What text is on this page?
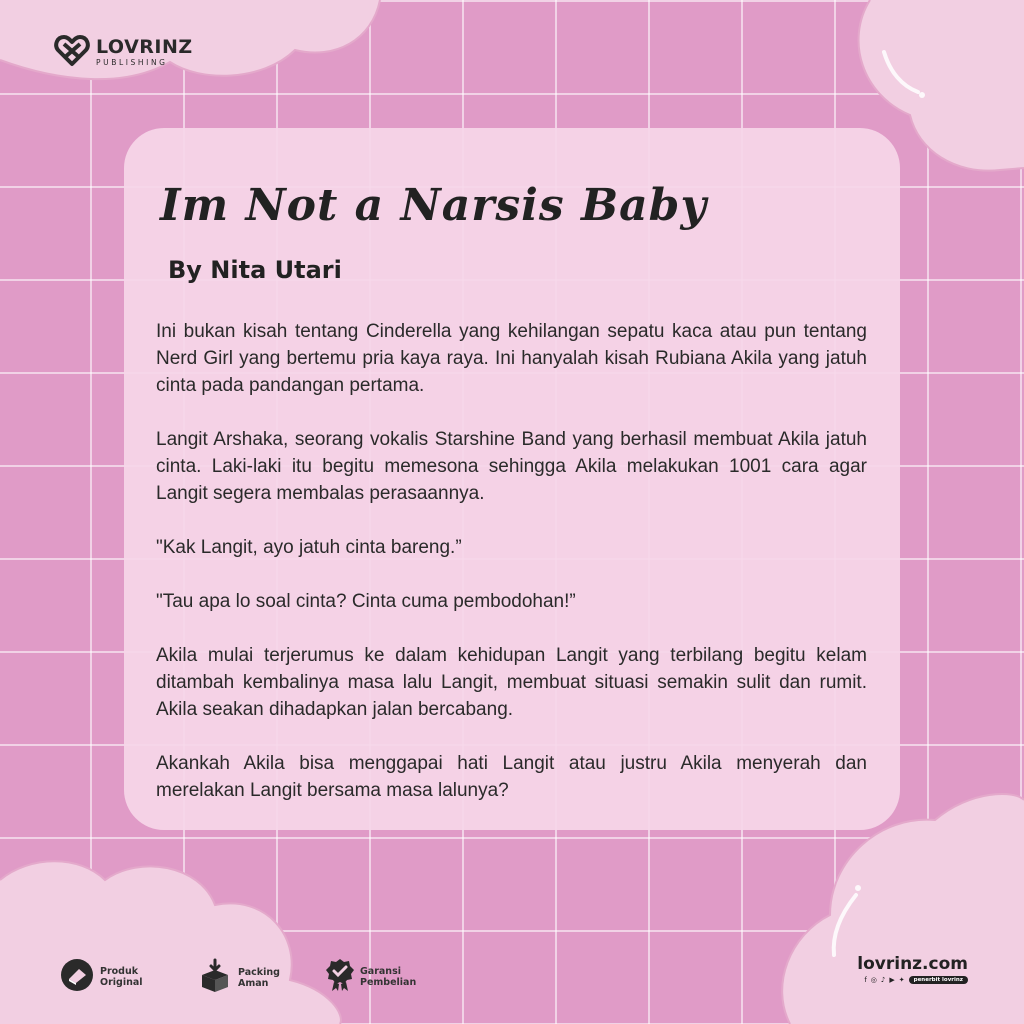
LOVRINZ
PUBLISHING
Im Not a Narsis Baby
By Nita Utari

Ini bukan kisah tentang Cinderella yang kehilangan sepatu kaca atau pun tentang Nerd Girl yang bertemu pria kaya raya. Ini hanyalah kisah Rubiana Akila yang jatuh cinta pada pandangan pertama.

Langit Arshaka, seorang vokalis Starshine Band yang berhasil membuat Akila jatuh cinta. Laki-laki itu begitu memesona sehingga Akila melakukan 1001 cara agar Langit segera membalas perasaannya.

"Kak Langit, ayo jatuh cinta bareng.”

"Tau apa lo soal cinta? Cinta cuma pembodohan!”

Akila mulai terjerumus ke dalam kehidupan Langit yang terbilang begitu kelam ditambah kembalinya masa lalu Langit, membuat situasi semakin sulit dan rumit. Akila seakan dihadapkan jalan bercabang.

Akankah Akila bisa menggapai hati Langit atau justru Akila menyerah dan merelakan Langit bersama masa lalunya?

Produk
Original
Packing
Aman
Garansi
Pembelian
lovrinz.com
f ◎ ♪ ▶ ✦	penerbit lovrinz
